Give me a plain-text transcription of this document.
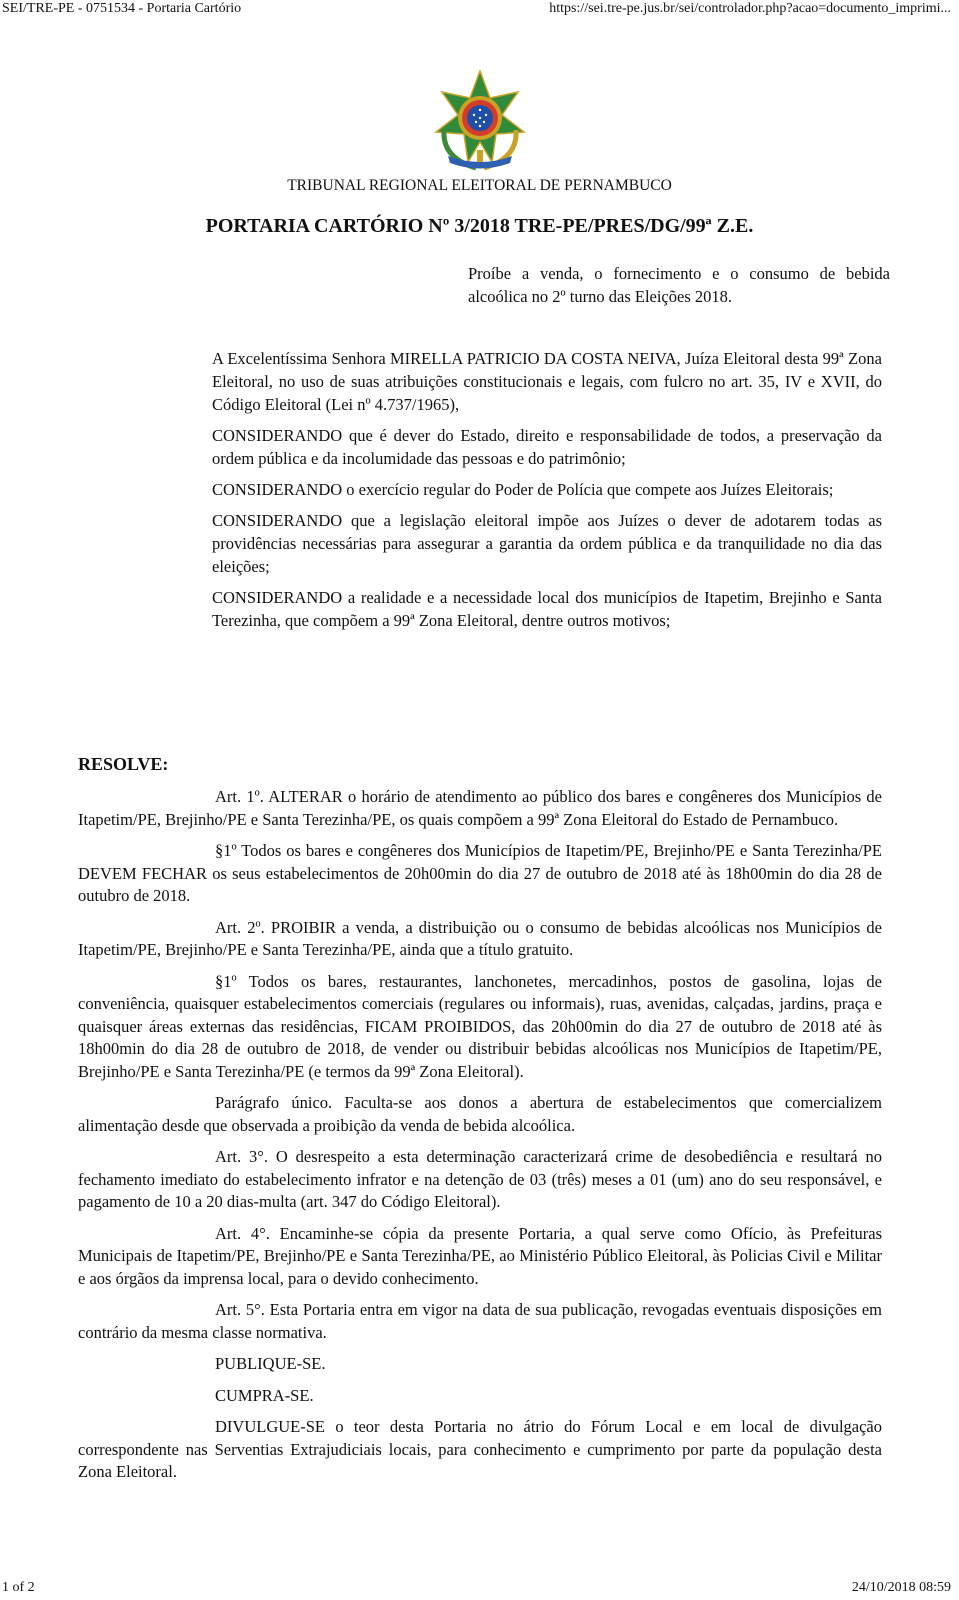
SEI/TRE-PE - 0751534 - Portaria Cartório	https://sei.tre-pe.jus.br/sei/controlador.php?acao=documento_imprimi...
TRIBUNAL REGIONAL ELEITORAL DE PERNAMBUCO
PORTARIA CARTÓRIO Nº 3/2018 TRE-PE/PRES/DG/99ª Z.E.
Proíbe a venda, o fornecimento e o consumo de bebida alcoólica no 2º turno das Eleições 2018.

A Excelentíssima Senhora MIRELLA PATRICIO DA COSTA NEIVA, Juíza Eleitoral desta 99ª Zona Eleitoral, no uso de suas atribuições constitucionais e legais, com fulcro no art. 35, IV e XVII, do Código Eleitoral (Lei nº 4.737/1965),

CONSIDERANDO que é dever do Estado, direito e responsabilidade de todos, a preservação da ordem pública e da incolumidade das pessoas e do patrimônio;

CONSIDERANDO o exercício regular do Poder de Polícia que compete aos Juízes Eleitorais;

CONSIDERANDO que a legislação eleitoral impõe aos Juízes o dever de adotarem todas as providências necessárias para assegurar a garantia da ordem pública e da tranquilidade no dia das eleições;

CONSIDERANDO a realidade e a necessidade local dos municípios de Itapetim, Brejinho e Santa Terezinha, que compõem a 99ª Zona Eleitoral, dentre outros motivos;

RESOLVE:

Art. 1º. ALTERAR o horário de atendimento ao público dos bares e congêneres dos Municípios de Itapetim/PE, Brejinho/PE e Santa Terezinha/PE, os quais compõem a 99ª Zona Eleitoral do Estado de Pernambuco.

§1º Todos os bares e congêneres dos Municípios de Itapetim/PE, Brejinho/PE e Santa Terezinha/PE DEVEM FECHAR os seus estabelecimentos de 20h00min do dia 27 de outubro de 2018 até às 18h00min do dia 28 de outubro de 2018.

Art. 2º. PROIBIR a venda, a distribuição ou o consumo de bebidas alcoólicas nos Municípios de Itapetim/PE, Brejinho/PE e Santa Terezinha/PE, ainda que a título gratuito.

§1º Todos os bares, restaurantes, lanchonetes, mercadinhos, postos de gasolina, lojas de conveniência, quaisquer estabelecimentos comerciais (regulares ou informais), ruas, avenidas, calçadas, jardins, praça e quaisquer áreas externas das residências, FICAM PROIBIDOS, das 20h00min do dia 27 de outubro de 2018 até às 18h00min do dia 28 de outubro de 2018, de vender ou distribuir bebidas alcoólicas nos Municípios de Itapetim/PE, Brejinho/PE e Santa Terezinha/PE (e termos da 99ª Zona Eleitoral).

Parágrafo único. Faculta-se aos donos a abertura de estabelecimentos que comercializem alimentação desde que observada a proibição da venda de bebida alcoólica.

Art. 3°. O desrespeito a esta determinação caracterizará crime de desobediência e resultará no fechamento imediato do estabelecimento infrator e na detenção de 03 (três) meses a 01 (um) ano do seu responsável, e pagamento de 10 a 20 dias-multa (art. 347 do Código Eleitoral).

Art. 4°. Encaminhe-se cópia da presente Portaria, a qual serve como Ofício, às Prefeituras Municipais de Itapetim/PE, Brejinho/PE e Santa Terezinha/PE, ao Ministério Público Eleitoral, às Policias Civil e Militar e aos órgãos da imprensa local, para o devido conhecimento.

Art. 5°. Esta Portaria entra em vigor na data de sua publicação, revogadas eventuais disposições em contrário da mesma classe normativa.

PUBLIQUE-SE.

CUMPRA-SE.

DIVULGUE-SE o teor desta Portaria no átrio do Fórum Local e em local de divulgação correspondente nas Serventias Extrajudiciais locais, para conhecimento e cumprimento por parte da população desta Zona Eleitoral.

1 of 2	24/10/2018 08:59
